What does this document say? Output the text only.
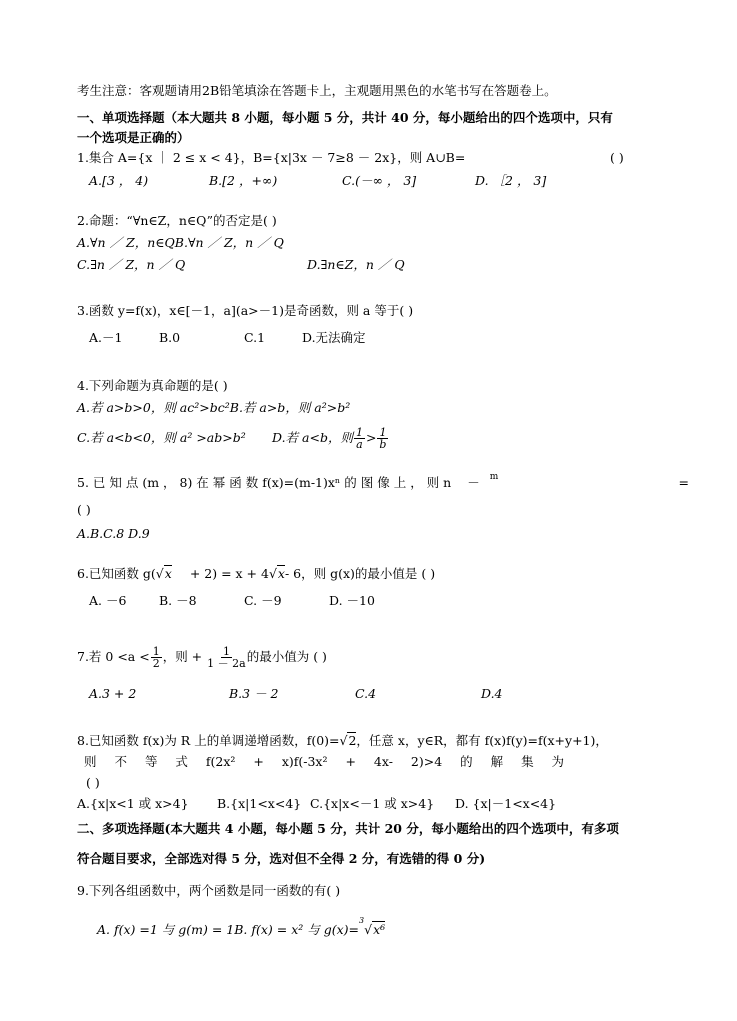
考生注意：客观题请用2B铅笔填涂在答题卡上，主观题用黑色的水笔书写在答题卷上。
一、单项选择题（本大题共 8 小题，每小题 5 分，共计 40 分，每小题给出的四个选项中，只有
一个选项是正确的）
1.集合 A={x ｜ 2 ≤ x < 4}，B={x|3x － 7≥8 － 2x}，则 A∪B=	( )
A.[3 ， 4)	B.[2 ，+∞)	C.(－∞ ， 3]	D. ［2 ， 3]
2.命题：“∀n∈Z，n∈Q”的否定是( )
A.∀n ／ Z，n∈QB.∀n ／ Z，n ／ Q
C.∃n ／ Z，n ／ Q	D.∃n∈Z，n ／ Q
3.函数 y=f(x)，x∈[－1，a](a>－1)是奇函数，则 a 等于( )
A.－1	B.0	C.1	D.无法确定
4.下列命题为真命题的是( )
A.若 a>b>0，则 ac²>bc²B.若 a>b，则 a²>b²
C.若 a<b<0，则 a² >ab>b² D.若 a<b，则 $\frac{1}{a} > \frac{1}{b}$
5. 已 知 点 (m ， 8) 在 幂 函 数 f(x)=(m-1)xⁿ 的 图 像 上 ， 则 n － $^m$	=
( )
A.B.C.8 D.9
6.已知函数 g(√x + 2) = x + 4√x- 6，则 g(x)的最小值是 ( )
A. －6	B. －8	C. －9	D. －10
7.若 $0 <a < \frac{1}{2}$ ，则 + $\frac{1}{1 - 2a}$ 的最小值为 ( )
A.3 + 2	B.3 － 2	C.4	D.4
8.已知函数 f(x)为 R 上的单调递增函数，f(0)=√2，任意 x，y∈R，都有 f(x)f(y)=f(x+y+1)，
则 不 等 式 f(2x² + x)f(-3x² + 4x- 2)>4 的 解 集 为
( )
A.{x|x<1 或 x>4}	B.{x|1<x<4} C.{x|x<－1 或 x>4}	D. {x|－1<x<4}
二、多项选择题(本大题共 4 小题，每小题 5 分，共计 20 分，每小题给出的四个选项中，有多项
符合题目要求，全部选对得 5 分，选对但不全得 2 分，有选错的得 0 分)
9.下列各组函数中，两个函数是同一函数的有( )
A. f(x) =1 与 g(m) = 1B. f(x) = x² 与 g(x)=$^3$√x⁶
